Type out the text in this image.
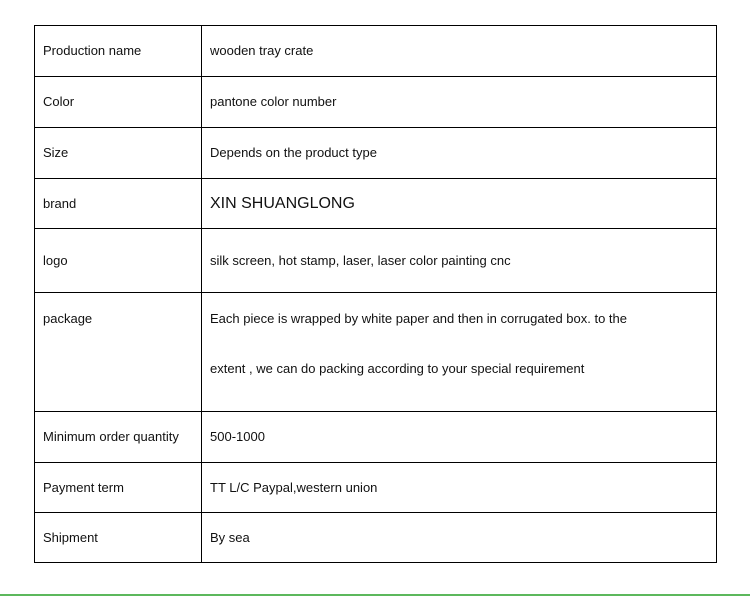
Production name	wooden tray crate
Color	pantone color number
Size	Depends on the product type
brand	XIN SHUANGLONG
logo	silk screen, hot stamp, laser, laser color painting cnc
package	Each piece is wrapped by white paper and then in corrugated box. to the
extent , we can do packing according to your special requirement

Minimum order quantity	500-1000
Payment term	TT L/C Paypal,western union
Shipment	By sea
